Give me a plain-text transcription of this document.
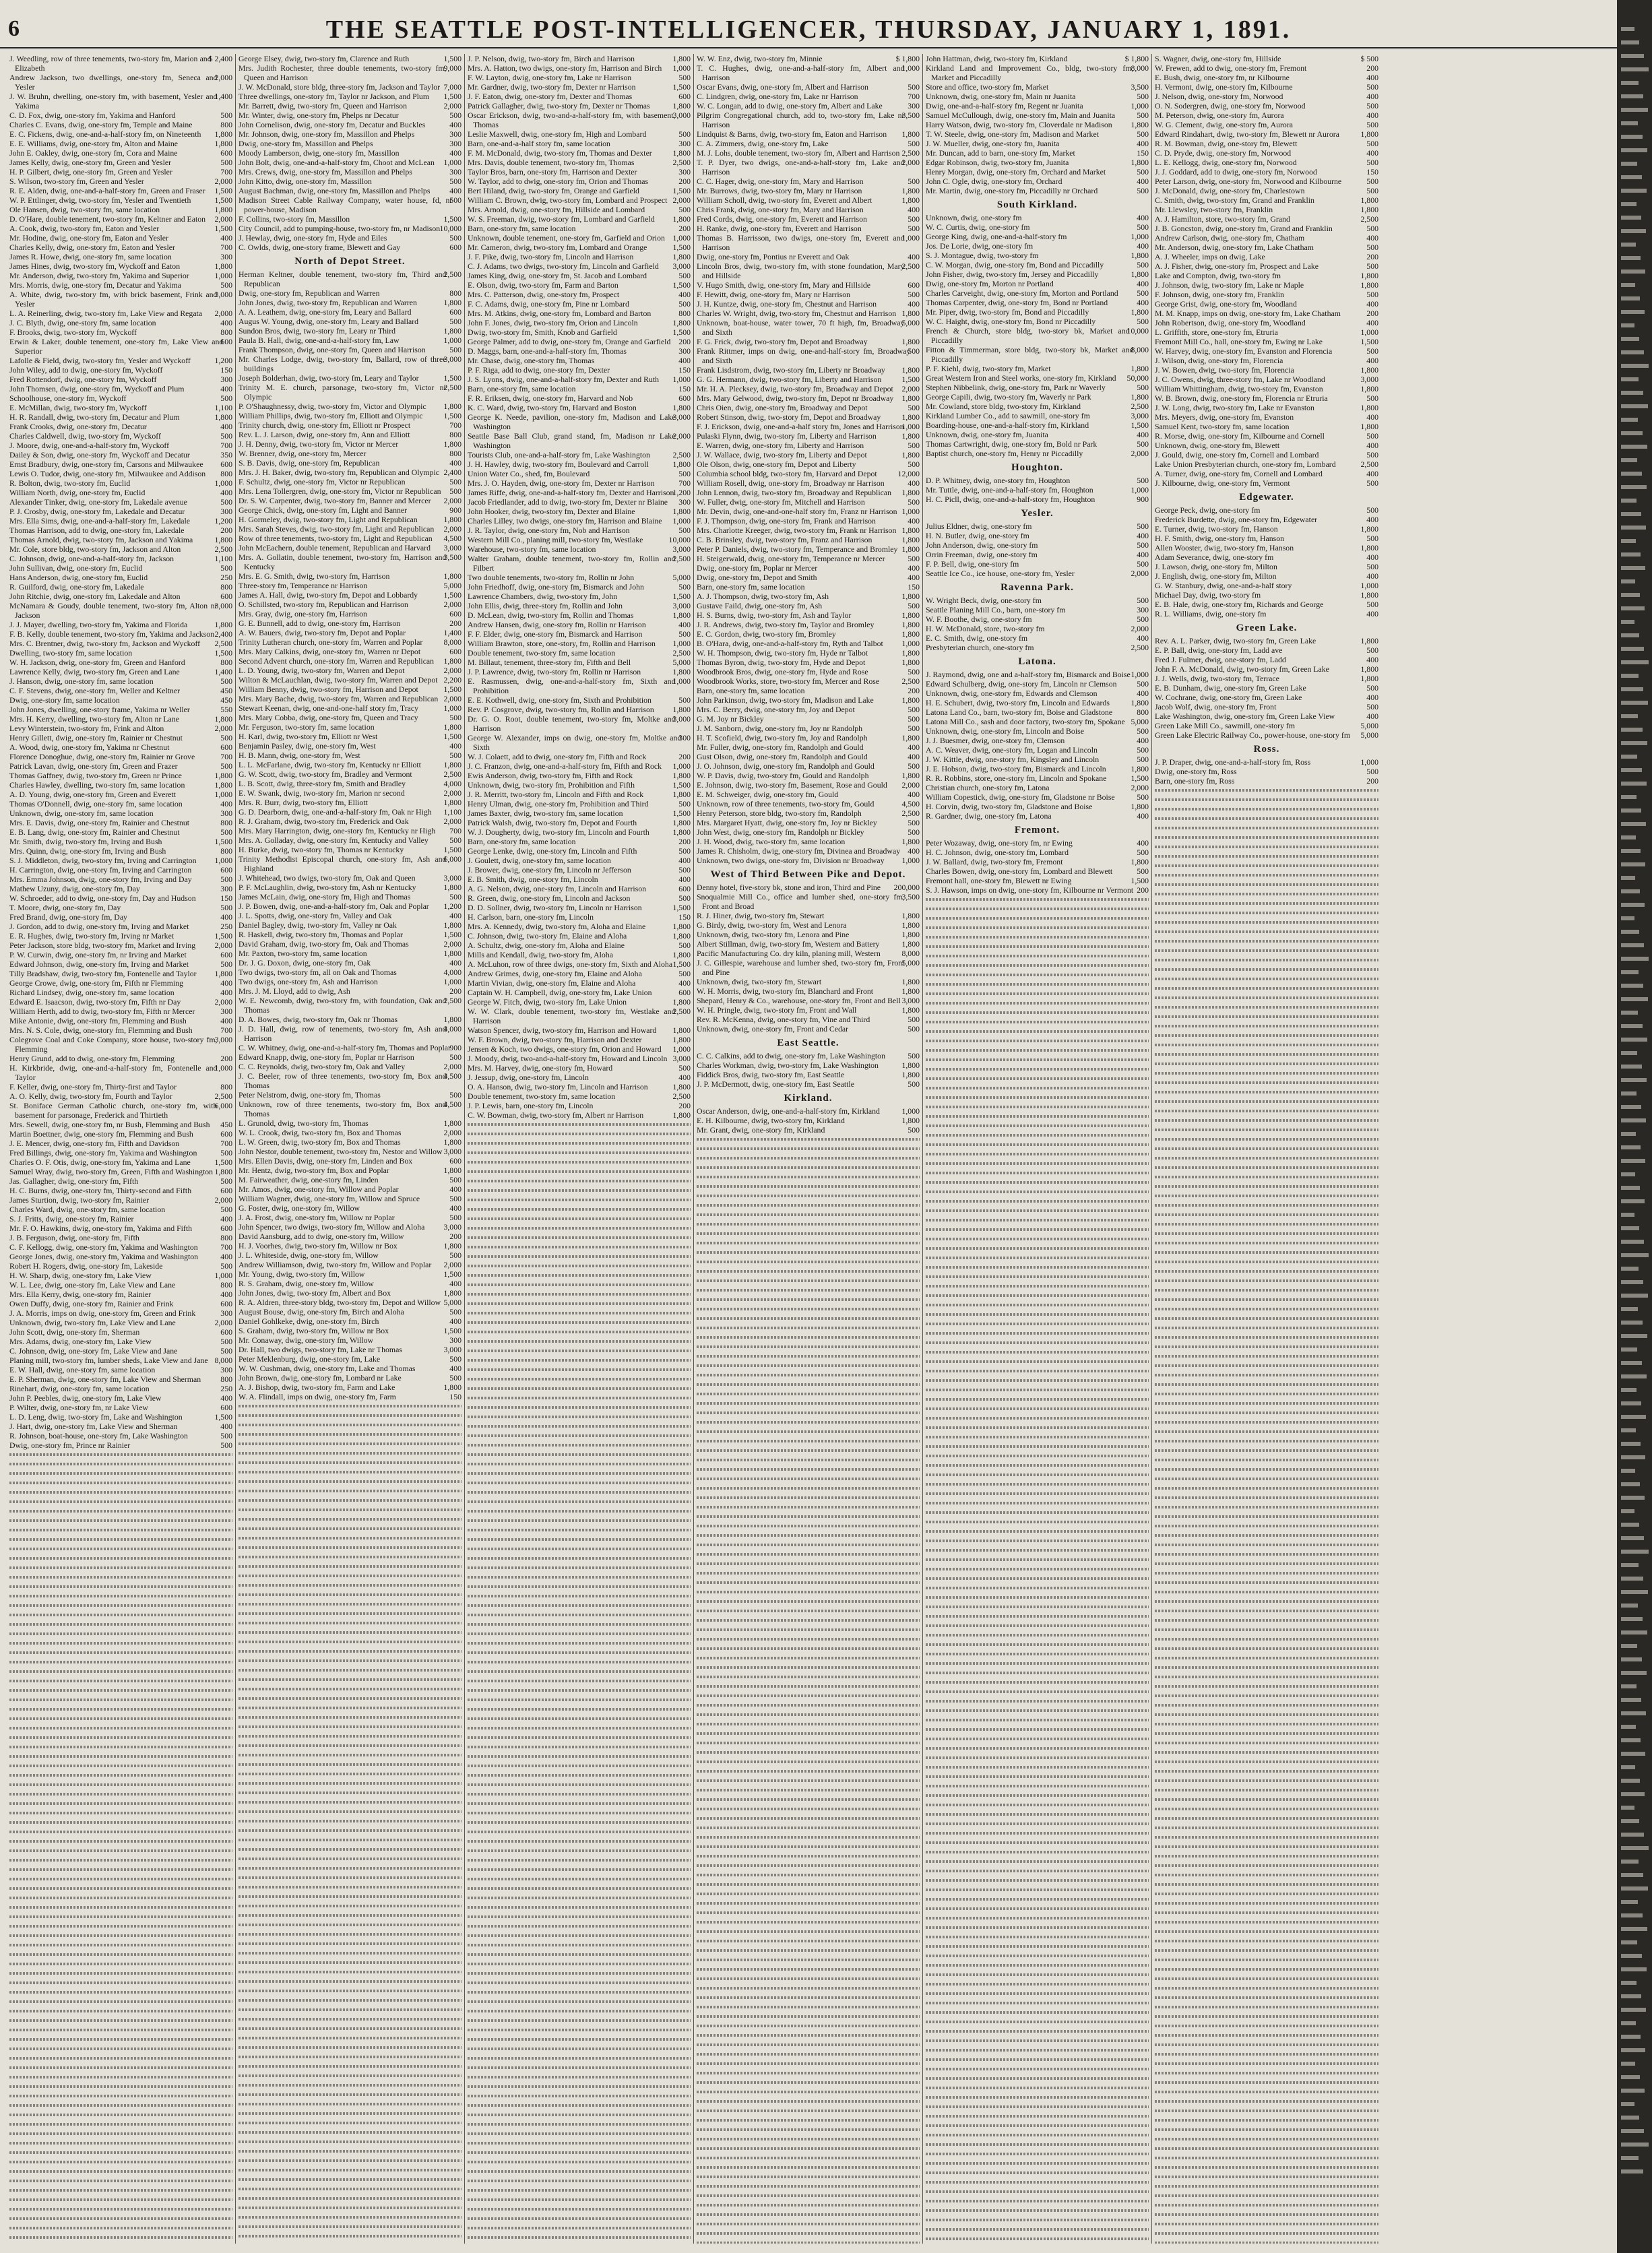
6	THE SEATTLE POST-INTELLIGENCER, THURSDAY, JANUARY 1, 1891.

$ 2,400
J. Weedling, row of three tenements, two-story fm, Marion and Elizabeth

2,000
Andrew Jackson, two dwellings, one-story fm, Seneca and Yesler

1,400
J. W. Bruhn, dwelling, one-story fm, with basement, Yesler and Yakima

500
C. D. Fox, dwig, one-story fm, Yakima and Hanford

800
Charles C. Evans, dwig, one-story fm, Temple and Maine

1,800
E. C. Fickens, dwig, one-and-a-half-story fm, on Nineteenth

1,800
E. E. Williams, dwig, one-story fm, Alton and Maine

600
John E. Oakley, dwig, one-story fm, Cora and Maine

500
James Kelly, dwig, one-story fm, Green and Yesler

700
H. P. Gilbert, dwig, one-story fm, Green and Yesler

2,000
S. Wilson, two-story fm, Green and Yesler

1,500
R. E. Alden, dwig, one-and-a-half-story fm, Green and Fraser

1,500
W. P. Ettlinger, dwig, two-story fm, Yesler and Twentieth

1,800
Ole Hansen, dwig, two-story fm, same location

2,000
D. O'Hare, double tenement, two-story fm, Keltner and Eaton

1,500
A. Cook, dwig, two-story fm, Eaton and Yesler

400
Mr. Hodine, dwig, one-story fm, Eaton and Yesler

700
Charles Kelly, dwig, one-story fm, Eaton and Yesler

300
James R. Howe, dwig, one-story fm, same location

1,800
James Hines, dwig, two-story fm, Wyckoff and Eaton

1,000
Mr. Anderson, dwig, two-story fm, Yakima and Superior

500
Mrs. Morris, dwig, one-story fm, Decatur and Yakima

3,000
A. White, dwig, two-story fm, with brick basement, Frink and Yesler

2,000
L. A. Reinerling, dwig, two-story fm, Lake View and Regata

400
J. C. Blyth, dwig, one-story fm, same location

800
F. Brooks, dwig, two-story fm, Wyckoff

600
Erwin & Laker, double tenement, one-story fm, Lake View and Superior

1,200
Lafolle & Field, dwig, two-story fm, Yesler and Wyckoff

150
John Wiley, add to dwig, one-story fm, Wyckoff

300
Fred Rottendorf, dwig, one-story fm, Wyckoff

400
John Thomsen, dwig, one-story fm, Wyckoff and Plum

500
Schoolhouse, one-story fm, Wyckoff

1,100
E. McMillan, dwig, two-story fm, Wyckoff

1,800
H. R. Randall, dwig, two-story fm, Decatur and Plum

400
Frank Crooks, dwig, one-story fm, Decatur

500
Charles Caldwell, dwig, two-story fm, Wyckoff

700
J. Moore, dwig, one-and-a-half-story fm, Wyckoff

350
Dailey & Son, dwig, one-story fm, Wyckoff and Decatur

600
Ernst Bradbury, dwig, one-story fm, Carsons and Milwaukee

800
Lewis O. Tudor, dwig, one-story fm, Milwaukee and Addison

1,000
R. Bolton, dwig, two-story fm, Euclid

400
William North, dwig, one-story fm, Euclid

500
Alexander Tinker, dwig, one-story fm, Lakedale avenue

300
P. J. Crosby, dwig, one-story fm, Lakedale and Decatur

1,200
Mrs. Ella Sims, dwig, one-and-a-half-story fm, Lakedale

200
Thomas Harrison, add to dwig, one-story fm, Lakedale

1,800
Thomas Arnold, dwig, two-story fm, Jackson and Yakima

2,500
Mr. Cole, store bldg, two-story fm, Jackson and Alton

1,100
C. Johnson, dwig, one-and-a-half-story fm, Jackson

500
John Sullivan, dwig, one-story fm, Euclid

250
Hans Anderson, dwig, one-story fm, Euclid

800
R. Guilford, dwig, one-story fm, Lakedale

600
John Ritchie, dwig, one-story fm, Lakedale and Alton

3,000
McNamara & Goudy, double tenement, two-story fm, Alton nr Jackson

1,800
J. J. Mayer, dwelling, two-story fm, Yakima and Florida

2,400
F. B. Kelly, double tenement, two-story fm, Yakima and Jackson

2,500
Mrs. C. Brentner, dwig, two-story fm, Jackson and Wyckoff

1,500
Dwelling, two-story fm, same location

800
W. H. Jackson, dwig, one-story fm, Green and Hanford

1,400
Lawrence Kelly, dwig, two-story fm, Green and Lane

500
J. Hanson, dwig, one-story fm, same location

450
C. F. Stevens, dwig, one-story fm, Weller and Keltner

450
Dwig, one-story fm, same location

550
John Jones, dwelling, one-story frame, Yakima nr Weller

1,800
Mrs. H. Kerry, dwelling, two-story fm, Alton nr Lane

2,000
Levy Winterstein, two-story fm, Frink and Alton

500
Henry Gillett, dwig, one-story fm, Rainier nr Chestnut

600
A. Wood, dwig, one-story fm, Yakima nr Chestnut

700
Florence Donoghue, dwig, one-story fm, Rainier nr Grove

500
Patrick Lavan, dwig, one-story fm, Green and Frazer

1,800
Thomas Gaffney, dwig, two-story fm, Green nr Prince

1,800
Charles Hawley, dwelling, two-story fm, same location

1,000
A. D. Young, dwig, one-story fm, Green and Everett

400
Thomas O'Donnell, dwig, one-story fm, same location

300
Unknown, dwig, one-story fm, same location

800
Mrs. E. Davis, dwig, one-story fm, Rainier and Chestnut

500
E. B. Lang, dwig, one-story fm, Rainier and Chestnut

1,500
Mr. Smith, dwig, two-story fm, Irving and Bush

800
Mrs. Quinn, dwig, one-story fm, Irving and Bush

1,000
S. J. Middleton, dwig, two-story fm, Irving and Carrington

600
H. Carrington, dwig, one-story fm, Irving and Carrington

500
Mrs. Emma Johnson, dwig, one-story fm, Irving and Day

300
Mathew Uzuny, dwig, one-story fm, Day

150
W. Schroeder, add to dwig, one-story fm, Day and Hudson

500
T. Moore, dwig, one-story fm, Day

400
Fred Brand, dwig, one-story fm, Day

250
J. Gordon, add to dwig, one-story fm, Irving and Market

1,500
E. R. Hughes, dwig, two-story fm, Irving nr Market

2,000
Peter Jackson, store bldg, two-story fm, Market and Irving

600
P. W. Curwin, dwig, one-story fm, nr Irving and Market

500
Edward Johnson, dwig, one-story fm, Irving and Market

1,800
Tilly Bradshaw, dwig, two-story fm, Fontenelle and Taylor

400
George Crowe, dwig, one-story fm, Fifth nr Flemming

400
Richard Lindsey, dwig, one-story fm, same location

2,000
Edward E. Isaacson, dwig, two-story fm, Fifth nr Day

300
William Herth, add to dwig, two-story fm, Fifth nr Mercer

400
Mike Antonie, dwig, one-story fm, Flemming and Bush

700
Mrs. N. S. Cole, dwig, one-story fm, Flemming and Bush

3,000
Colegrove Coal and Coke Company, store house, two-story fm, Flemming

200
Henry Grund, add to dwig, one-story fm, Flemming

1,000
H. Kirkbride, dwig, one-and-a-half-story fm, Fontenelle and Taylor

800
F. Keller, dwig, one-story fm, Thirty-first and Taylor

2,500
A. O. Kelly, dwig, two-story fm, Fourth and Taylor

6,000
St. Boniface German Catholic church, one-story fm, with basement for parsonage, Frederick and Thirtieth

450
Mrs. Sewell, dwig, one-story fm, nr Bush, Flemming and Bush

600
Martin Boettner, dwig, one-story fm, Flemming and Bush

700
J. E. Mencer, dwig, one-story fm, Fifth and Davidson

500
Fred Billings, dwig, one-story fm, Yakima and Washington

1,500
Charles O. F. Otis, dwig, one-story fm, Yakima and Lane

1,800
Samuel Wray, dwig, two-story fm, Green, Fifth and Washington

500
Jas. Gallagher, dwig, one-story fm, Fifth

600
H. C. Burns, dwig, one-story fm, Thirty-second and Fifth

2,000
James Sturtion, dwig, two-story fm, Rainier

500
Charles Ward, dwig, one-story fm, same location

400
S. J. Fritts, dwig, one-story fm, Rainier

600
Mr. F. O. Hawkins, dwig, one-story fm, Yakima and Fifth

800
J. B. Ferguson, dwig, one-story fm, Fifth

700
C. F. Kellogg, dwig, one-story fm, Yakima and Washington

400
George Jones, dwig, one-story fm, Yakima and Washington

500
Robert H. Rogers, dwig, one-story fm, Lakeside

1,000
H. W. Sharp, dwig, one-story fm, Lake View

800
W. L. Lee, dwig, one-story fm, Lake View and Lane

400
Mrs. Ella Kerry, dwig, one-story fm, Rainier

600
Owen Duffy, dwig, one-story fm, Rainier and Frink

300
J. A. Morris, imps on dwig, one-story fm, Green and Frink

2,000
Unknown, dwig, two-story fm, Lake View and Lane

600
John Scott, dwig, one-story fm, Sherman

500
Mrs. Adams, dwig, one-story fm, Lake View

500
C. Johnson, dwig, one-story fm, Lake View and Jane

8,000
Planing mill, two-story fm, lumber sheds, Lake View and Jane

300
E. W. Hall, dwig, one-story fm, same location

800
E. P. Sherman, dwig, one-story fm, Lake View and Sherman

250
Rinehart, dwig, one-story fm, same location

400
John P. Peebles, dwig, one-story fm, Lake View

600
P. Wilter, dwig, one-story fm, nr Lake View

1,500
L. D. Leng, dwig, two-story fm, Lake and Washington

400
J. Hart, dwig, one-story fm, Lake View and Sherman

500
R. Johnson, boat-house, one-story fm, Lake Washington

500
Dwig, one-story fm, Prince nr Rainier

1,500
George Elsey, dwig, two-story fm, Clarence and Ruth

9,000
Mrs. Judith Rochester, three double tenements, two-story fm, Queen and Harrison

7,000
J. W. McDonald, store bldg, three-story fm, Jackson and Taylor

1,500
Three dwellings, one-story fm, Taylor nr Jackson, and Plum

2,000
Mr. Barrett, dwig, two-story fm, Queen and Harrison

500
Mr. Winter, dwig, one-story fm, Phelps nr Decatur

400
John Cornelison, dwig, one-story fm, Decatur and Buckles

300
Mr. Johnson, dwig, one-story fm, Massillon and Phelps

300
Dwig, one-story fm, Massillon and Phelps

400
Moody Lamberson, dwig, one-story fm, Massillon

1,000
John Bolt, dwig, one-and-a-half-story fm, Choot and McLean

300
Mrs. Crews, dwig, one-story fm, Massillon and Phelps

500
John Kitto, dwig, one-story fm, Massillon

400
August Bachman, dwig, one-story fm, Massillon and Phelps

500
Madison Street Cable Railway Company, water house, fd, nr power-house, Madison

1,500
F. Collins, two-story fm, Massillon

10,000
City Council, add to pumping-house, two-story fm, nr Madison

500
J. Hewlay, dwig, one-story fm, Hyde and Eiles

600
C. Owlds, dwig, one-story frame, Blewett and Gay

North of Depot Street.

2,500
Herman Keltner, double tenement, two-story fm, Third and Republican

800
Dwig, one-story fm, Republican and Warren

1,800
John Jones, dwig, two-story fm, Republican and Warren

600
A. A. Leathem, dwig, one-story fm, Leary and Ballard

500
Augus W. Young, dwig, one-story fm, Leary and Ballard

1,800
Sundon Bros, dwig, two-story fm, Leary nr Third

1,000
Paula B. Hall, dwig, one-and-a-half-story fm, Law

500
Frank Thompson, dwig, one-story fm, Queen and Harrison

3,000
Mr. Charles Lodge, dwig, two-story fm, Ballard, row of three buildings

1,500
Joseph Bolderhan, dwig, two-story fm, Leary and Taylor

2,500
Trinity M. E. church, parsonage, two-story fm, Victor nr Olympic

1,800
P. O'Shaughnessy, dwig, two-story fm, Victor and Olympic

1,500
William Phillips, dwig, two-story fm, Elliott and Olympic

700
Trinity church, dwig, one-story fm, Elliott nr Prospect

800
Rev. L. J. Larson, dwig, one-story fm, Ann and Elliott

1,800
J. H. Denny, dwig, two-story fm, Victor nr Mercer

800
W. Brenner, dwig, one-story fm, Mercer

400
S. B. Davis, dwig, one-story fm, Republican

2,400
Mrs. J. H. Baker, dwig, two-story fm, Republican and Olympic

500
F. Schultz, dwig, one-story fm, Victor nr Republican

500
Mrs. Lena Tollergren, dwig, one-story fm, Victor nr Republican

2,000
Dr. S. W. Carpenter, dwig, two-story fm, Banner and Mercer

900
George Chick, dwig, one-story fm, Light and Banner

1,800
H. Gormeley, dwig, two-story fm, Light and Republican

2,000
Mrs. Sarah Steves, dwig, two-story fm, Light and Republican

4,500
Row of three tenements, two-story fm, Light and Republican

3,000
John McEachern, double tenement, Republican and Harvard

3,500
Mrs. A. Gollatin, double tenement, two-story fm, Harrison and Kentucky

1,800
Mrs. E. G. Smith, dwig, two-story fm, Harrison

5,000
Three-story fm, Temperance nr Harrison

1,500
James A. Hall, dwig, two-story fm, Depot and Lobbardy

2,000
O. Schillsted, two-story fm, Republican and Harrison

600
Mrs. Gray, dwig, one-story fm, Harrison

200
G. E. Bunnell, add to dwig, one-story fm, Harrison

1,400
A. W. Bauers, dwig, two-story fm, Depot and Poplar

8,000
Trinity Lutheran church, one-story fm, Warren and Poplar

600
Mrs. Mary Calkins, dwig, one-story fm, Warren nr Depot

1,800
Second Advent church, one-story fm, Warren and Republican

2,000
L. D. Young, dwig, two-story fm, Warren and Depot

2,200
Wilton & McLauchlan, dwig, two-story fm, Warren and Depot

1,500
William Benny, dwig, two-story fm, Harrison and Depot

2,000
Mrs. Mary Bache, dwig, two-story fm, Warren and Republican

1,000
Stewart Keenan, dwig, one-and-one-half story fm, Tracy

500
Mrs. Mary Cobba, dwig, one-story fm, Queen and Tracy

1,800
Mr. Ferguson, two-story fm, same location

1,500
H. Karl, dwig, two-story fm, Elliott nr West

400
Benjamin Pasley, dwig, one-story fm, West

500
H. B. Mann, dwig, one-story fm, West

1,800
L. L. McFarlane, dwig, two-story fm, Kentucky nr Elliott

2,500
G. W. Scott, dwig, two-story fm, Bradley and Vermont

4,000
L. B. Scott, dwig, three-story fm, Smith and Bradley

2,000
E. W. Swank, dwig, two-story fm, Marion nr second

1,800
Mrs. R. Burr, dwig, two-story fm, Elliott

1,100
G. D. Dearborn, dwig, one-and-a-half-story fm, Oak nr High

2,000
R. J. Graham, dwig, two-story fm, Frederick and Oak

700
Mrs. Mary Harrington, dwig, one-story fm, Kentucky nr High

500
Mrs. A. Golladay, dwig, one-story fm, Kentucky and Valley

1,500
H. Burke, dwig, two-story fm, Thomas nr Kentucky

6,000
Trinity Methodist Episcopal church, one-story fm, Ash and Highland

3,000
J. Whitehead, two dwigs, two-story fm, Oak and Queen

1,800
P. F. McLaughlin, dwig, two-story fm, Ash nr Kentucky

500
James McLain, dwig, one-story fm, High and Thomas

1,200
J. P. Bowen, dwig, one-and-a-half-story fm, Oak and Poplar

400
J. L. Spotts, dwig, one-story fm, Valley and Oak

1,800
Daniel Bagley, dwig, two-story fm, Valley nr Oak

1,500
R. Haskell, dwig, two-story fm, Thomas and Poplar

2,000
David Graham, dwig, two-story fm, Oak and Thomas

1,800
Mr. Paxton, two-story fm, same location

400
Dr. J. G. Doxon, dwig, one-story fm, Oak

4,000
Two dwigs, two-story fm, all on Oak and Thomas

1,000
Two dwigs, one-story fm, Ash and Harrison

200
Mrs. J. M. Lloyd, add to dwig, Ash

2,500
W. E. Newcomb, dwig, two-story fm, with foundation, Oak and Thomas

1,800
D. A. Bowes, dwig, two-story fm, Oak nr Thomas

4,000
J. D. Hall, dwig, row of tenements, two-story fm, Ash and Harrison

900
C. W. Whitney, dwig, one-and-a-half-story fm, Thomas and Poplar

500
Edward Knapp, dwig, one-story fm, Poplar nr Harrison

2,000
C. C. Reynolds, dwig, two-story fm, Oak and Valley

4,500
J. C. Beeler, row of three tenements, two-story fm, Box and Thomas

500
Peter Nelstrom, dwig, one-story fm, Thomas

4,500
Unknown, row of three tenements, two-story fm, Box and Thomas

1,800
L. Grunold, dwig, two-story fm, Thomas

2,000
W. L. Crook, dwig, two-story fm, Box and Thomas

1,800
L. W. Green, dwig, two-story fm, Box and Thomas

3,000
John Nestor, double tenement, two-story fm, Nestor and Willow

600
Mrs. Ellen Davis, dwig, one-story fm, Linden and Box

1,800
Mr. Hentz, dwig, two-story fm, Box and Poplar

500
M. Fairweather, dwig, one-story fm, Linden

400
Mr. Amos, dwig, one-story fm, Willow and Poplar

500
William Wagner, dwig, one-story fm, Willow and Spruce

400
G. Foster, dwig, one-story fm, Willow

500
J. A. Frost, dwig, one-story fm, Willow nr Poplar

3,000
John Spencer, two dwigs, two-story fm, Willow and Aloha

200
David Aansburg, add to dwig, one-story fm, Willow

1,800
H. J. Voorhes, dwig, two-story fm, Willow nr Box

500
J. L. Whiteside, dwig, one-story fm, Willow

2,000
Andrew Williamson, dwig, two-story fm, Willow and Poplar

1,500
Mr. Young, dwig, two-story fm, Willow

400
R. S. Graham, dwig, one-story fm, Willow

1,800
John Jones, dwig, two-story fm, Albert and Box

5,000
R. A. Aldren, three-story bldg, two-story fm, Depot and Willow

500
August Bouse, dwig, one-story fm, Birch and Aloha

400
Daniel Gohlkeke, dwig, one-story fm, Birch

1,500
S. Graham, dwig, two-story fm, Willow nr Box

300
Mr. Conaway, dwig, one-story fm, Willow

3,000
Dr. Hall, two dwigs, two-story fm, Lake nr Thomas

500
Peter Meklenburg, dwig, one-story fm, Lake

400
W. W. Cushman, dwig, one-story fm, Lake and Thomas

500
John Brown, dwig, one-story fm, Lombard nr Lake

1,800
A. J. Bishop, dwig, two-story fm, Farm and Lake

150
W. A. Flindall, imps on dwig, one-story fm, Farm

1,800
J. P. Nelson, dwig, two-story fm, Birch and Harrison

1,000
Mrs. A. Hatton, two dwigs, one-story fm, Harrison and Birch

500
F. W. Layton, dwig, one-story fm, Lake nr Harrison

1,500
Mr. Gardner, dwig, two-story fm, Dexter nr Harrison

600
J. F. Eaton, dwig, one-story fm, Dexter and Thomas

1,800
Patrick Gallagher, dwig, two-story fm, Dexter nr Thomas

3,000
Oscar Erickson, dwig, two-and-a-half-story fm, with basement, Thomas

500
Leslie Maxwell, dwig, one-story fm, High and Lombard

300
Barn, one-and-a-half story fm, same location

1,800
F. M. McDonald, dwig, two-story fm, Thomas and Dexter

2,500
Mrs. Davis, double tenement, two-story fm, Thomas

300
Taylor Bros, barn, one-story fm, Harrison and Dexter

200
W. Taylor, add to dwig, one-story fm, Orion and Thomas

1,500
Bert Hiland, dwig, two-story fm, Orange and Garfield

2,000
William C. Brown, dwig, two-story fm, Lombard and Prospect

500
Mrs. Arnold, dwig, one-story fm, Hillside and Lombard

1,800
W. S. Freeman, dwig, two-story fm, Lombard and Garfield

200
Barn, one-story fm, same location

1,000
Unknown, double tenement, one-story fm, Garfield and Orion

1,500
Mr. Cameron, dwig, two-story fm, Lombard and Orange

1,800
J. F. Pike, dwig, two-story fm, Lincoln and Harrison

3,000
C. J. Adams, two dwigs, two-story fm, Lincoln and Garfield

500
James King, dwig, one-story fm, St. Jacob and Lombard

1,500
E. Olson, dwig, two-story fm, Farm and Barton

400
Mrs. C. Patterson, dwig, one-story fm, Prospect

500
F. C. Adams, dwig, one-story fm, Pine nr Lombard

800
Mrs. M. Atkins, dwig, one-story fm, Lombard and Barton

1,800
John F. Jones, dwig, two-story fm, Orion and Lincoln

1,500
Dwig, two-story fm, Smith, Knob and Garfield

200
George Palmer, add to dwig, one-story fm, Orange and Garfield

300
D. Maggs, barn, one-and-a-half-story fm, Thomas

400
Mr. Chase, dwig, one-story fm, Thomas

150
P. F. Riga, add to dwig, one-story fm, Dexter

1,000
J. S. Lyons, dwig, one-and-a-half-story fm, Dexter and Ruth

150
Barn, one-story fm, same location

600
F. R. Eriksen, dwig, one-story fm, Harvard and Nob

1,800
K. C. Ward, dwig, two-story fm, Harvard and Boston

3,000
George K. Neede, pavilion, one-story fm, Madison and Lake Washington

2,000
Seattle Base Ball Club, grand stand, fm, Madison nr Lake Washington

2,500
Tourists Club, one-and-a-half-story fm, Lake Washington

1,800
J. H. Hawley, dwig, two-story fm, Boulevard and Carroll

500
Union Water Co., shed, fm, Boulevard

700
Mrs. J. O. Hayden, dwig, one-story fm, Dexter nr Harrison

1,200
James Riffe, dwig, one-and-a-half-story fm, Dexter and Harrison

300
Jacob Friedlander, add to dwig, two-story fm, Dexter nr Blaine

1,800
John Hooker, dwig, two-story fm, Dexter and Blaine

1,000
Charles Lilley, two dwigs, one-story fm, Harrison and Blaine

500
J. R. Taylor, dwig, one-story fm, Nob and Harrison

10,000
Western Mill Co., planing mill, two-story fm, Westlake

3,000
Warehouse, two-story fm, same location

2,500
Walter Graham, double tenement, two-story fm, Rollin and Filbert

5,000
Two double tenements, two-story fm, Rollin nr John

500
John Friedhoff, dwig, one-story fm, Bismarck and John

1,500
Lawrence Chambers, dwig, two-story fm, John

3,000
John Ellis, dwig, three-story fm, Rollin and John

1,800
D. McLean, dwig, two-story fm, Rollin and Thomas

400
Andrew Hansen, dwig, one-story fm, Rollin nr Harrison

500
F. F. Elder, dwig, one-story fm, Bismarck and Harrison

1,000
William Brawton, store, one-story, fm, Rollin and Harrison

2,500
Double tenement, two-story fm, same location

5,000
M. Billaut, tenement, three-story fm, Fifth and Bell

1,800
J. P. Lawrence, dwig, two-story fm, Rollin nr Harrison

1,000
E. Rasmussen, dwig, one-and-a-half-story fm, Sixth and Prohibition

500
E. E. Kothwell, dwig, one-story fm, Sixth and Prohibition

1,800
Rev. P. Cosgrove, dwig, two-story fm, Rollin and Harrison

3,000
Dr. G. O. Root, double tenement, two-story fm, Moltke and Harrison

300
George W. Alexander, imps on dwig, one-story fm, Moltke and Sixth

200
W. J. Colaett, add to dwig, one-story fm, Fifth and Rock

1,000
J. C. Franzon, dwig, one-and-a-half-story fm, Fifth and Rock

1,800
Ewis Anderson, dwig, two-story fm, Fifth and Rock

1,500
Unknown, dwig, two-story fm, Prohibition and Fifth

1,800
J. R. Merritt, two-story fm, Lincoln and Fifth and Rock

500
Henry Ulman, dwig, one-story fm, Prohibition and Third

1,500
James Baxter, dwig, two-story fm, same location

1,800
Patrick Walsh, dwig, two-story fm, Depot and Fourth

1,800
W. J. Dougherty, dwig, two-story fm, Lincoln and Fourth

200
Barn, one-story fm, same location

500
George Lenke, dwig, one-story fm, Lincoln and Fifth

400
J. Goulett, dwig, one-story fm, same location

500
J. Brower, dwig, one-story fm, Lincoln nr Jefferson

400
E. B. Smith, dwig, one-story fm, Lincoln

600
A. G. Nelson, dwig, one-story fm, Lincoln and Harrison

500
R. Green, dwig, one-story fm, Lincoln and Jackson

1,500
D. D. Sollner, dwig, two-story fm, Lincoln nr Harrison

150
H. Carlson, barn, one-story fm, Lincoln

1,800
Mrs. A. Kennedy, dwig, two-story fm, Aloha and Elaine

1,800
C. Johnson, dwig, two-story fm, Elaine and Aloha

500
A. Schultz, dwig, one-story fm, Aloha and Elaine

1,800
Mills and Kendall, dwig, two-story fm, Aloha

1,500
A. McLuhon, row of three dwigs, one-story fm, Sixth and Aloha

500
Andrew Grimes, dwig, one-story fm, Elaine and Aloha

400
Martin Vivian, dwig, one-story fm, Elaine and Aloha

600
Captain W. H. Campbell, dwig, one-story fm, Lake Union

1,800
George W. Fitch, dwig, two-story fm, Lake Union

2,500
W. W. Clark, double tenement, two-story fm, Westlake and Harrison

1,800
Watson Spencer, dwig, two-story fm, Harrison and Howard

1,800
W. F. Brown, dwig, two-story fm, Harrison and Dexter

1,000
Jensen & Koch, two dwigs, one-story fm, Orion and Howard

3,000
J. Moody, dwig, two-and-a-half-story fm, Howard and Lincoln

500
Mrs. M. Harvey, dwig, one-story fm, Howard

400
J. Jessup, dwig, one-story fm, Lincoln

1,800
O. A. Hanson, dwig, two-story fm, Lincoln and Harrison

2,500
Double tenement, two-story fm, same location

200
J. P. Lewis, barn, one-story fm, Lincoln

1,800
C. W. Bowman, dwig, two-story fm, Albert nr Harrison

$ 1,800
W. W. Enz, dwig, two-story fm, Minnie

1,000
T. C. Hughes, dwig, one-and-a-half-story fm, Albert and Harrison

500
Oscar Evans, dwig, one-story fm, Albert and Harrison

700
C. Lindgren, dwig, one-story fm, Lake nr Harrison

300
W. C. Longan, add to dwig, one-story fm, Albert and Lake

3,500
Pilgrim Congregational church, add to, two-story fm, Lake nr Harrison

1,800
Lindquist & Barns, dwig, two-story fm, Eaton and Harrison

500
C. A. Zimmers, dwig, one-story fm, Lake

2,500
M. J. Lohs, double tenement, two-story fm, Albert and Harrison

2,000
T. P. Dyer, two dwigs, one-and-a-half-story fm, Lake and Harrison

500
C. C. Hager, dwig, one-story fm, Mary and Harrison

1,800
Mr. Burrows, dwig, two-story fm, Mary nr Harrison

1,800
William Scholl, dwig, two-story fm, Everett and Albert

400
Chris Frank, dwig, one-story fm, Mary and Harrison

500
Fred Cords, dwig, one-story fm, Everett and Harrison

500
H. Ranke, dwig, one-story fm, Everett and Harrison

1,000
Thomas B. Harrisson, two dwigs, one-story fm, Everett and Harrison

400
Dwig, one-story fm, Pontius nr Everett and Oak

2,500
Lincoln Bros, dwig, two-story fm, with stone foundation, Mary and Hillside

600
V. Hugo Smith, dwig, one-story fm, Mary and Hillside

500
F. Hewitt, dwig, one-story fm, Mary nr Harrison

400
J. H. Kuntze, dwig, one-story fm, Chestnut and Harrison

1,800
Charles W. Wright, dwig, two-story fm, Chestnut and Harrison

5,000
Unknown, boat-house, water tower, 70 ft high, fm, Broadway and Sixth

1,800
F. G. Frick, dwig, two-story fm, Depot and Broadway

500
Frank Rittmer, imps on dwig, one-and-half-story fm, Broadway and Sixth

1,800
Frank Lisdstrom, dwig, two-story fm, Liberty nr Broadway

1,500
G. G. Hermann, dwig, two-story fm, Liberty and Harrison

2,000
Mr. H. A. Plecksey, dwig, two-story fm, Broadway and Depot

1,800
Mrs. Mary Gelwood, dwig, two-story fm, Depot nr Broadway

500
Chris Oien, dwig, one-story fm, Broadway and Depot

1,800
Robert Stinson, dwig, two-story fm, Depot and Broadway

1,000
F. J. Erickson, dwig, one-and-a-half story fm, Jones and Harrison

1,800
Pulaski Flynn, dwig, two-story fm, Liberty and Harrison

500
E. Warren, dwig, one-story fm, Liberty and Harrison

1,800
J. W. Wallace, dwig, two-story fm, Liberty and Depot

500
Ole Olson, dwig, one-story fm, Depot and Liberty

12,000
Columbia school bldg, two-story fm, Harvard and Depot

400
William Rosell, dwig, one-story fm, Broadway nr Harrison

1,800
John Lennon, dwig, two-story fm, Broadway and Republican

500
W. Fuller, dwig, one-story fm, Mitchell and Harrison

1,000
Mr. Devin, dwig, one-and-one-half story fm, Franz nr Harrison

400
F. J. Thompson, dwig, one-story fm, Frank and Harrison

1,800
Mrs. Charlotte Kreeger, dwig, two-story fm, Frank nr Harrison

1,800
C. B. Brinsley, dwig, two-story fm, Franz and Harrison

1,800
Peter P. Daniels, dwig, two-story fm, Temperance and Bromley

500
H. Steigerwald, dwig, one-story fm, Temperance nr Mercer

400
Dwig, one-story fm, Poplar nr Mercer

400
Dwig, one-story fm, Depot and Smith

150
Barn, one-story fm, same location

1,800
A. J. Thompson, dwig, two-story fm, Ash

500
Gustave Faild, dwig, one-story fm, Ash

1,800
H. S. Burns, dwig, two-story fm, Ash and Taylor

1,800
J. R. Andrews, dwig, two-story fm, Taylor and Bromley

1,800
E. C. Gordon, dwig, two-story fm, Bromley

1,000
B. O'Hara, dwig, one-and-a-half-story fm, Ryth and Talbot

1,800
W. H. Thompson, dwig, two-story fm, Hyde nr Talbot

1,800
Thomas Byron, dwig, two-story fm, Hyde and Depot

500
Woodbrook Bros, dwig, one-story fm, Hyde and Rose

2,500
Woodbrook Works, store, two-story fm, Mercer and Rose

200
Barn, one-story fm, same location

1,800
John Parkinson, dwig, two-story fm, Madison and Lake

500
Mrs. C. Berry, dwig, one-story fm, Joy and Depot

500
G. M. Joy nr Bickley

500
J. M. Sanborn, dwig, one-story fm, Joy nr Randolph

1,800
H. T. Scofield, dwig, two-story fm, Joy and Randolph

400
Mr. Fuller, dwig, one-story fm, Randolph and Gould

400
Gust Olson, dwig, one-story fm, Randolph and Gould

500
J. O. Johnson, dwig, one-story fm, Randolph and Gould

1,800
W. P. Davis, dwig, two-story fm, Gould and Randolph

2,000
E. Johnson, dwig, two-story fm, Basement, Rose and Gould

400
E. M. Schweiger, dwig, one-story fm, Gould

4,500
Unknown, row of three tenements, two-story fm, Gould

2,500
Henry Peterson, store bldg, two-story fm, Randolph

500
Mrs. Margaret Hyatt, dwig, one-story fm, Joy nr Bickley

500
John West, dwig, one-story fm, Randolph nr Bickley

1,800
J. H. Wood, dwig, two-story fm, same location

400
James R. Chisholm, dwig, one-story fm, Divinea and Broadway

1,000
Unknown, two dwigs, one-story fm, Division nr Broadway

West of Third Between Pike and Depot.

200,000
Denny hotel, five-story bk, stone and iron, Third and Pine

3,500
Snoqualmie Mill Co., office and lumber shed, one-story fm, Front and Broad

1,800
R. J. Hiner, dwig, two-story fm, Stewart

1,800
G. Birdy, dwig, two-story fm, West and Lenora

1,800
Unknown, dwig, two-story fm, Lenora and Pine

1,800
Albert Stillman, dwig, two-story fm, Western and Battery

8,000
Pacific Manufacturing Co. dry kiln, planing mill, Western

5,000
J. C. Gillespie, warehouse and lumber shed, two-story fm, Front and Pine

1,800
Unknown, dwig, two-story fm, Stewart

1,800
W. H. Morris, dwig, two-story fm, Blanchard and Front

3,000
Shepard, Henry & Co., warehouse, one-story fm, Front and Bell

1,800
W. H. Pringle, dwig, two-story fm, Front and Wall

500
Rev. R. McKenna, dwig, one-story fm, Vine and Third

500
Unknown, dwig, one-story fm, Front and Cedar

East Seattle.

500
C. C. Calkins, add to dwig, one-story fm, Lake Washington

1,800
Charles Workman, dwig, two-story fm, Lake Washington

1,800
Fiddick Bros, dwig, two-story fm, East Seattle

500
J. P. McDermott, dwig, one-story fm, East Seattle

Kirkland.

1,000
Oscar Anderson, dwig, one-and-a-half-story fm, Kirkland

1,800
E. H. Kilbourne, dwig, two-story fm, Kirkland

500
Mr. Grant, dwig, one-story fm, Kirkland

$ 1,800
John Hattman, dwig, two-story fm, Kirkland

8,000
Kirkland Land and Improvement Co., bldg, two-story fm, Market and Piccadilly

3,500
Store and office, two-story fm, Market

500
Unknown, dwig, one-story fm, Main nr Juanita

1,000
Dwig, one-and-a-half-story fm, Regent nr Juanita

500
Samuel McCullough, dwig, one-story fm, Main and Juanita

1,800
Harry Watson, dwig, two-story fm, Cloverdale nr Madison

500
T. W. Steele, dwig, one-story fm, Madison and Market

400
J. W. Mueller, dwig, one-story fm, Juanita

150
Mr. Duncan, add to barn, one-story fm, Market

1,800
Edgar Robinson, dwig, two-story fm, Juanita

500
Henry Morgan, dwig, one-story fm, Orchard and Market

400
John C. Ogle, dwig, one-story fm, Orchard

500
Mr. Martin, dwig, one-story fm, Piccadilly nr Orchard

South Kirkland.

400
Unknown, dwig, one-story fm

500
W. C. Curtis, dwig, one-story fm

1,000
George King, dwig, one-and-a-half-story fm

400
Jos. De Lorie, dwig, one-story fm

1,800
S. J. Montague, dwig, two-story fm

500
C. W. Morgan, dwig, one-story fm, Bond and Piccadilly

1,800
John Fisher, dwig, two-story fm, Jersey and Piccadilly

400
Dwig, one-story fm, Morton nr Portland

500
Charles Carveight, dwig, one-story fm, Morton and Portland

400
Thomas Carpenter, dwig, one-story fm, Bond nr Portland

1,800
Mr. Piper, dwig, two-story fm, Bond and Piccadilly

500
W. C. Haight, dwig, one-story fm, Bond nr Piccadilly

10,000
French & Church, store bldg, two-story bk, Market and Piccadilly

8,000
Fitton & Timmerman, store bldg, two-story bk, Market and Piccadilly

1,800
P. F. Kiehl, dwig, two-story fm, Market

50,000
Great Western Iron and Steel works, one-story fm, Kirkland

500
Stephen Nibbelink, dwig, one-story fm, Park nr Waverly

1,800
George Capili, dwig, two-story fm, Waverly nr Park

2,500
Mr. Cowland, store bldg, two-story fm, Kirkland

3,000
Kirkland Lumber Co., add to sawmill, one-story fm

1,500
Boarding-house, one-and-a-half-story fm, Kirkland

400
Unknown, dwig, one-story fm, Juanita

500
Thomas Cartwright, dwig, one-story fm, Bold nr Park

2,000
Baptist church, one-story fm, Henry nr Piccadilly

Houghton.

500
D. P. Whitney, dwig, one-story fm, Houghton

1,000
Mr. Tuttle, dwig, one-and-a-half-story fm, Houghton

900
H. C. Picll, dwig, one-and-a-half-story fm, Houghton

Yesler.

500
Julius Eldner, dwig, one-story fm

400
H. N. Butler, dwig, one-story fm

500
John Anderson, dwig, one-story fm

400
Orrin Freeman, dwig, one-story fm

500
F. P. Bell, dwig, one-story fm

2,000
Seattle Ice Co., ice house, one-story fm, Yesler

Ravenna Park.

500
W. Wright Beck, dwig, one-story fm

300
Seattle Planing Mill Co., barn, one-story fm

500
W. F. Boothe, dwig, one-story fm

2,000
H. W. McDonald, store, two-story fm

400
E. C. Smith, dwig, one-story fm

2,500
Presbyterian church, one-story fm

Latona.

1,000
J. Raymond, dwig, one and a-half-story fm, Bismarck and Boise

500
Edward Schulberg, dwig, one-story fm, Lincoln nr Clemson

400
Unknown, dwig, one-story fm, Edwards and Clemson

1,800
H. E. Schubert, dwig, two-story fm, Lincoln and Edwards

800
Latona Land Co., barn, two-story fm, Boise and Gladstone

5,000
Latona Mill Co., sash and door factory, two-story fm, Spokane

500
Unknown, dwig, one-story fm, Lincoln and Boise

400
J. J. Buesmer, dwig, one-story fm, Clemson

500
A. C. Weaver, dwig, one-story fm, Logan and Lincoln

500
J. W. Kittle, dwig, one-story fm, Kingsley and Lincoln

1,800
J. E. Hobson, dwig, two-story fm, Bismarck and Lincoln

1,500
R. R. Robbins, store, one-story fm, Lincoln and Spokane

2,000
Christian church, one-story fm, Latona

500
William Copestick, dwig, one-story fm, Gladstone nr Boise

1,800
H. Corvin, dwig, two-story fm, Gladstone and Boise

400
R. Gardner, dwig, one-story fm, Latona

Fremont.

400
Peter Wozaway, dwig, one-story fm, nr Ewing

500
H. C. Johnson, dwig, one-story fm, Lombard

1,800
J. W. Ballard, dwig, two-story fm, Fremont

500
Charles Bowen, dwig, one-story fm, Lombard and Blewett

1,500
Fremont hall, one-story fm, Blewett nr Ewing

200
S. J. Hawson, imps on dwig, one-story fm, Kilbourne nr Vermont

$ 500
S. Wagner, dwig, one-story fm, Hillside

200
W. Frewen, add to dwig, one-story fm, Fremont

400
E. Bush, dwig, one-story fm, nr Kilbourne

500
H. Vermont, dwig, one-story fm, Kilbourne

400
J. Nelson, dwig, one-story fm, Norwood

500
O. N. Sodergren, dwig, one-story fm, Norwood

400
M. Peterson, dwig, one-story fm, Aurora

500
W. G. Clement, dwig, one-story fm, Aurora

1,800
Edward Rindahart, dwig, two-story fm, Blewett nr Aurora

500
R. M. Bowman, dwig, one-story fm, Blewett

400
C. D. Pryde, dwig, one-story fm, Norwood

500
L. E. Kellogg, dwig, one-story fm, Norwood

150
J. J. Goddard, add to dwig, one-story fm, Norwood

500
Peter Larson, dwig, one-story fm, Norwood and Kilbourne

500
J. McDonald, dwig, one-story fm, Charlestown

1,800
C. Smith, dwig, two-story fm, Grand and Franklin

1,800
Mr. Llewsley, two-story fm, Franklin

2,500
A. J. Hamilton, store, two-story fm, Grand

500
J. B. Goncston, dwig, one-story fm, Grand and Franklin

400
Andrew Carlson, dwig, one-story fm, Chatham

500
Mr. Anderson, dwig, one-story fm, Lake Chatham

200
A. J. Wheeler, imps on dwig, Lake

500
A. J. Fisher, dwig, one-story fm, Prospect and Lake

1,800
Lake and Compton, dwig, two-story fm

1,800
J. Johnson, dwig, two-story fm, Lake nr Maple

500
F. Johnson, dwig, one-story fm, Franklin

400
George Grist, dwig, one-story fm, Woodland

200
M. M. Knapp, imps on dwig, one-story fm, Lake Chatham

400
John Robertson, dwig, one-story fm, Woodland

1,000
L. Griffith, store, one-story fm, Etruria

1,500
Fremont Mill Co., hall, one-story fm, Ewing nr Lake

500
W. Harvey, dwig, one-story fm, Evanston and Florencia

400
J. Wilson, dwig, one-story fm, Florencia

1,800
J. W. Bowen, dwig, two-story fm, Florencia

3,000
J. C. Owens, dwig, three-story fm, Lake nr Woodland

1,800
William Whittingham, dwig, two-story fm, Evanston

500
W. B. Brown, dwig, one-story fm, Florencia nr Etruria

1,800
J. W. Long, dwig, two-story fm, Lake nr Evanston

400
Mrs. Meyers, dwig, one-story fm, Evanston

1,800
Samuel Kent, two-story fm, same location

500
R. Morse, dwig, one-story fm, Kilbourne and Cornell

400
Unknown, dwig, one-story fm, Blewett

500
J. Gould, dwig, one-story fm, Cornell and Lombard

2,500
Lake Union Presbyterian church, one-story fm, Lombard

400
A. Turner, dwig, one-story fm, Cornell and Lombard

500
J. Kilbourne, dwig, one-story fm, Vermont

Edgewater.

500
George Peck, dwig, one-story fm

400
Frederick Burdette, dwig, one-story fm, Edgewater

1,800
E. Turner, dwig, two-story fm, Hanson

500
H. F. Smith, dwig, one-story fm, Hanson

1,800
Allen Wooster, dwig, two-story fm, Hanson

400
Adam Severance, dwig, one-story fm

500
J. Lawson, dwig, one-story fm, Milton

400
J. English, dwig, one-story fm, Milton

1,000
G. W. Stanbury, dwig, one-and-a-half story

1,800
Michael Day, dwig, two-story fm

500
E. B. Hale, dwig, one-story fm, Richards and George

400
R. L. Williams, dwig, one-story fm

Green Lake.

1,800
Rev. A. L. Parker, dwig, two-story fm, Green Lake

500
E. P. Ball, dwig, one-story fm, Ladd ave

400
Fred J. Fulmer, dwig, one-story fm, Ladd

1,800
John F. A. McDonald, dwig, two-story fm, Green Lake

1,800
J. J. Wells, dwig, two-story fm, Terrace

500
E. B. Dunham, dwig, one-story fm, Green Lake

400
W. Cochrane, dwig, one-story fm, Green Lake

500
Jacob Wolf, dwig, one-story fm, Front

400
Lake Washington, dwig, one-story fm, Green Lake View

5,000
Green Lake Mill Co., sawmill, one-story fm

5,000
Green Lake Electric Railway Co., power-house, one-story fm

Ross.

1,000
J. P. Draper, dwig, one-and-a-half-story fm, Ross

500
Dwig, one-story fm, Ross

200
Barn, one-story fm, Ross
